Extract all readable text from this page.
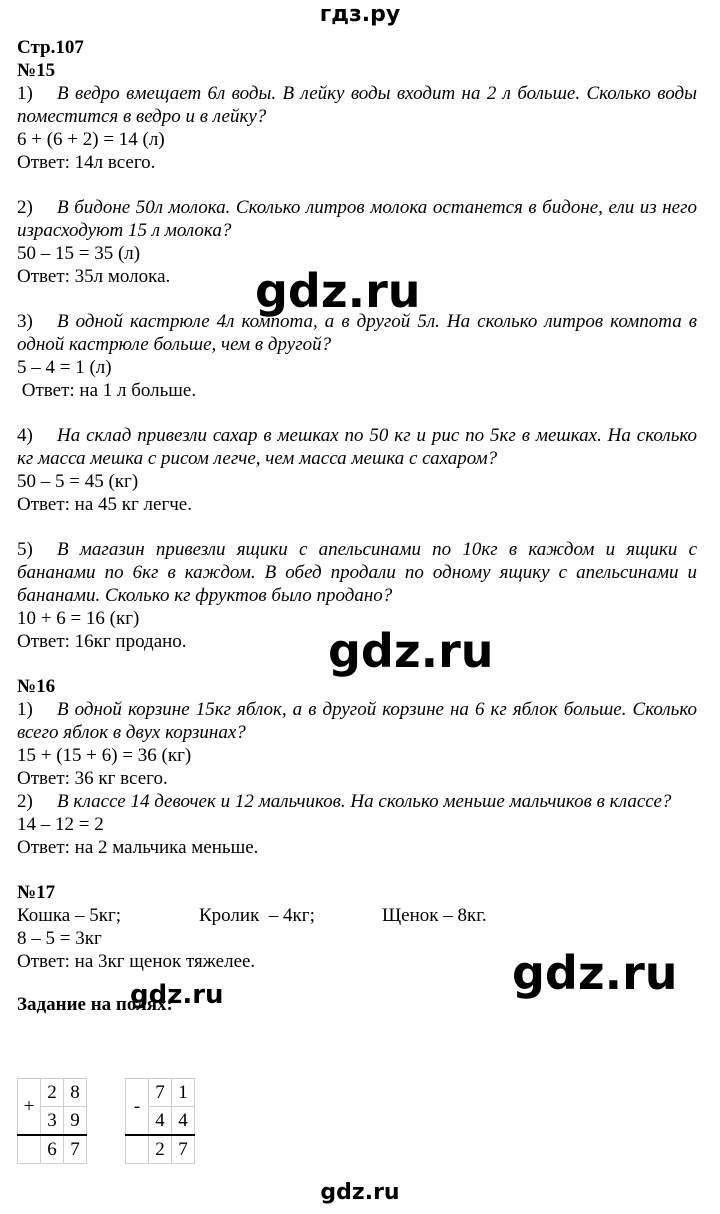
гдз.ру
Стр.107
№15
1) В ведро вмещает 6л воды. В лейку воды входит на 2 л больше. Сколько воды поместится в ведро и в лейку?
6 + (6 + 2) = 14 (л)
Ответ: 14л всего.
2) В бидоне 50л молока. Сколько литров молока останется в бидоне, ели из него израсходуют 15 л молока?
50 – 15 = 35 (л)
Ответ: 35л молока.
3) В одной кастрюле 4л компота, а в другой 5л. На сколько литров компота в одной кастрюле больше, чем в другой?
5 – 4 = 1 (л)
Ответ: на 1 л больше.
4) На склад привезли сахар в мешках по 50 кг и рис по 5кг в мешках. На сколько кг масса мешка с рисом легче, чем масса мешка с сахаром?
50 – 5 = 45 (кг)
Ответ: на 45 кг легче.
5) В магазин привезли ящики с апельсинами по 10кг в каждом и ящики с бананами по 6кг в каждом. В обед продали по одному ящику с апельсинами и бананами. Сколько кг фруктов было продано?
10 + 6 = 16 (кг)
Ответ: 16кг продано.
№16
1) В одной корзине 15кг яблок, а в другой корзине на 6 кг яблок больше. Сколько всего яблок в двух корзинах?
15 + (15 + 6) = 36 (кг)
Ответ: 36 кг всего.
2) В классе 14 девочек и 12 мальчиков. На сколько меньше мальчиков в классе?
14 – 12 = 2
Ответ: на 2 мальчика меньше.
№17
Кошка – 5кг;	Кролик  – 4кг;	Щенок – 8кг.
8 – 5 = 3кг
Ответ: на 3кг щенок тяжелее.
Задание на полях:
+	2	8
	3	9
	6	7
-	7	1
	4	4
	2	7
gdz.ru
gdz.ru
gdz.ru
gdz.ru
gdz.ru
